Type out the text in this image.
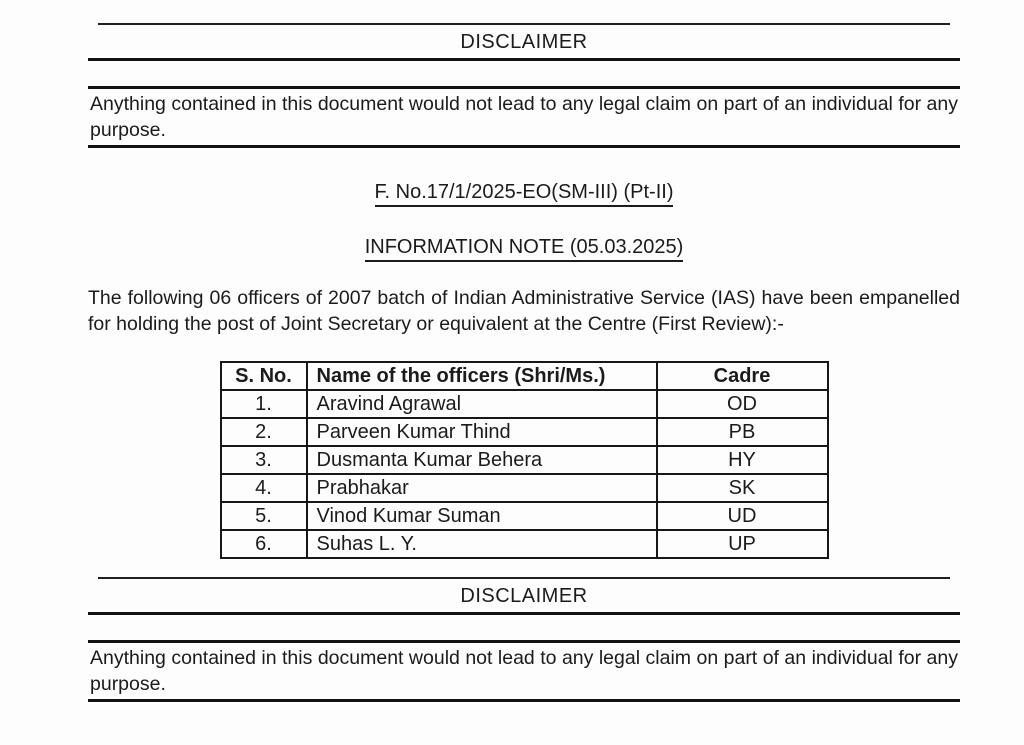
DISCLAIMER

Anything contained in this document would not lead to any legal claim on part of an individual for any purpose.

F. No.17/1/2025-EO(SM-III) (Pt-II)
INFORMATION NOTE (05.03.2025)

The following 06 officers of 2007 batch of Indian Administrative Service (IAS) have been empanelled for holding the post of Joint Secretary or equivalent at the Centre (First Review):-

S. No.	Name of the officers (Shri/Ms.)	Cadre
1.	Aravind Agrawal	OD
2.	Parveen Kumar Thind	PB
3.	Dusmanta Kumar Behera	HY
4.	Prabhakar	SK
5.	Vinod Kumar Suman	UD
6.	Suhas L. Y.	UP
DISCLAIMER

Anything contained in this document would not lead to any legal claim on part of an individual for any purpose.
